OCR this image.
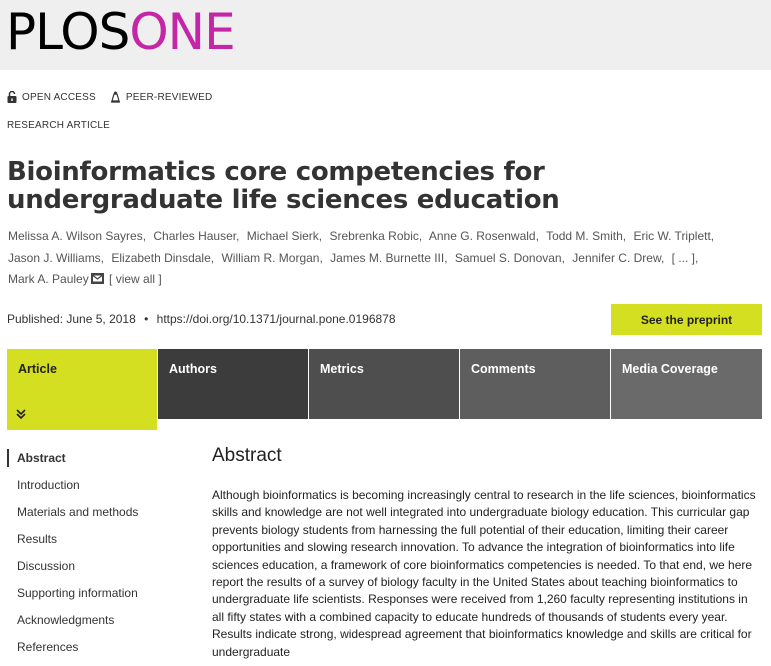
PLOSONE
OPEN ACCESS	PEER-REVIEWED
RESEARCH ARTICLE
Bioinformatics core competencies for undergraduate life sciences education
Melissa A. Wilson Sayres, Charles Hauser, Michael Sierk, Srebrenka Robic, Anne G. Rosenwald, Todd M. Smith, Eric W. Triplett,
Jason J. Williams, Elizabeth Dinsdale, William R. Morgan, James M. Burnette III, Samuel S. Donovan, Jennifer C. Drew, [ ... ],
Mark A. Pauley [ view all ]
Published: June 5, 2018 • https://doi.org/10.1371/journal.pone.0196878	See the preprint
Article	Authors	Metrics	Comments	Media Coverage
Abstract
Introduction
Materials and methods
Results
Discussion
Supporting information
Acknowledgments
References
Abstract

Although bioinformatics is becoming increasingly central to research in the life sciences, bioinformatics skills and knowledge are not well integrated into undergraduate biology education. This curricular gap prevents biology students from harnessing the full potential of their education, limiting their career opportunities and slowing research innovation. To advance the integration of bioinformatics into life sciences education, a framework of core bioinformatics competencies is needed. To that end, we here report the results of a survey of biology faculty in the United States about teaching bioinformatics to undergraduate life scientists. Responses were received from 1,260 faculty representing institutions in all fifty states with a combined capacity to educate hundreds of thousands of students every year. Results indicate strong, widespread agreement that bioinformatics knowledge and skills are critical for undergraduate
